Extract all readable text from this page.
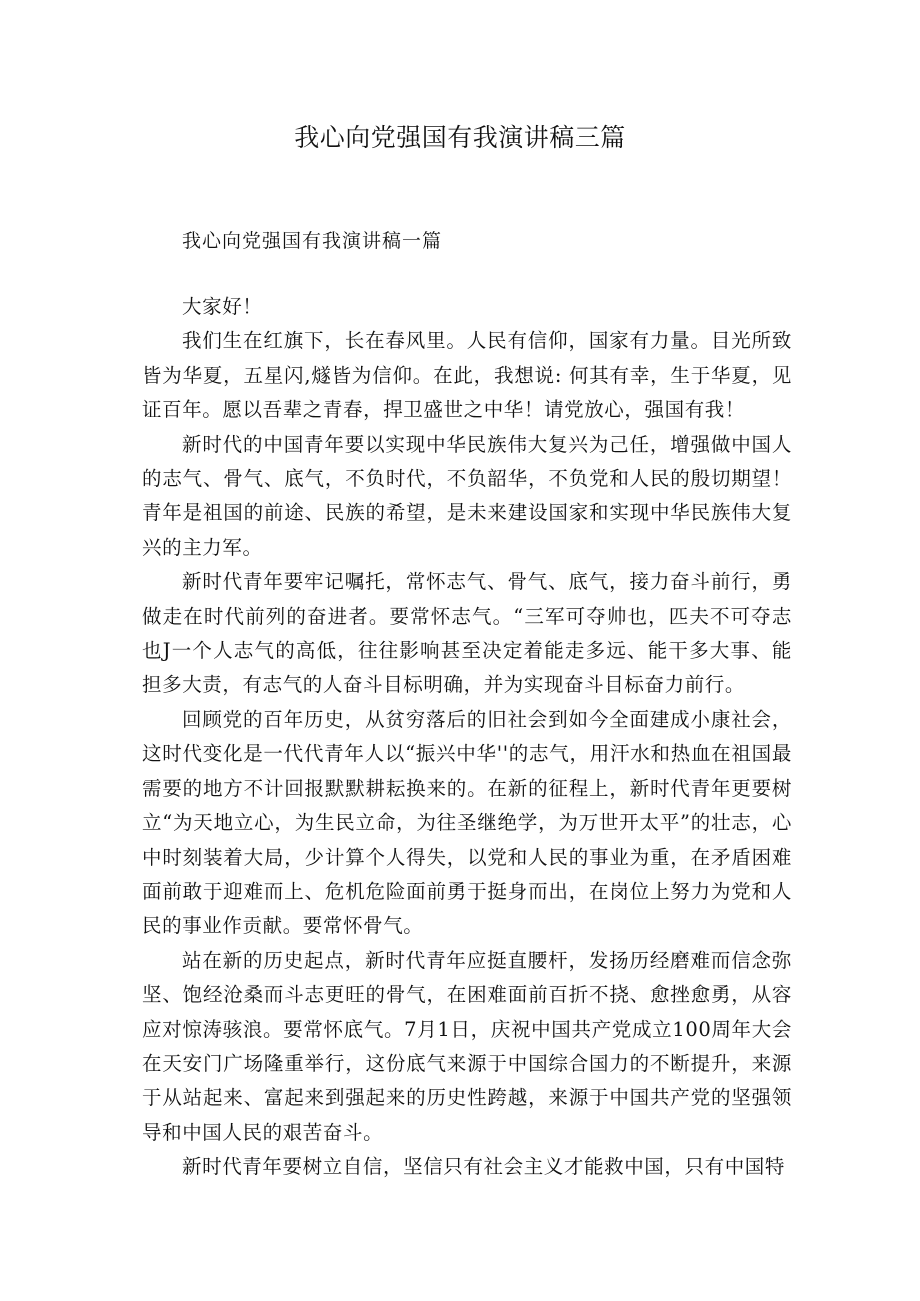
我心向党强国有我演讲稿三篇

我心向党强国有我演讲稿一篇

大家好！

我们生在红旗下，长在春风里。人民有信仰，国家有力量。目光所致皆为华夏，五星闪,燧皆为信仰。在此，我想说: 何其有幸，生于华夏，见证百年。愿以吾辈之青春，捍卫盛世之中华！请党放心，强国有我！

新时代的中国青年要以实现中华民族伟大复兴为己任，增强做中国人的志气、骨气、底气，不负时代，不负韶华，不负党和人民的殷切期望！青年是祖国的前途、民族的希望，是未来建设国家和实现中华民族伟大复兴的主力军。

新时代青年要牢记嘱托，常怀志气、骨气、底气，接力奋斗前行，勇做走在时代前列的奋进者。要常怀志气。“三军可夺帅也，匹夫不可夺志也J一个人志气的高低，往往影响甚至决定着能走多远、能干多大事、能担多大责，有志气的人奋斗目标明确，并为实现奋斗目标奋力前行。

回顾党的百年历史，从贫穷落后的旧社会到如今全面建成小康社会，这时代变化是一代代青年人以“振兴中华''的志气，用汗水和热血在祖国最需要的地方不计回报默默耕耘换来的。在新的征程上，新时代青年更要树立“为天地立心，为生民立命，为往圣继绝学，为万世开太平”的壮志，心中时刻装着大局，少计算个人得失，以党和人民的事业为重，在矛盾困难面前敢于迎难而上、危机危险面前勇于挺身而出，在岗位上努力为党和人民的事业作贡献。要常怀骨气。

站在新的历史起点，新时代青年应挺直腰杆，发扬历经磨难而信念弥坚、饱经沧桑而斗志更旺的骨气，在困难面前百折不挠、愈挫愈勇，从容应对惊涛骇浪。要常怀底气。7月1日，庆祝中国共产党成立100周年大会在天安门广场隆重举行，这份底气来源于中国综合国力的不断提升，来源于从站起来、富起来到强起来的历史性跨越，来源于中国共产党的坚强领导和中国人民的艰苦奋斗。

新时代青年要树立自信，坚信只有社会主义才能救中国，只有中国特
